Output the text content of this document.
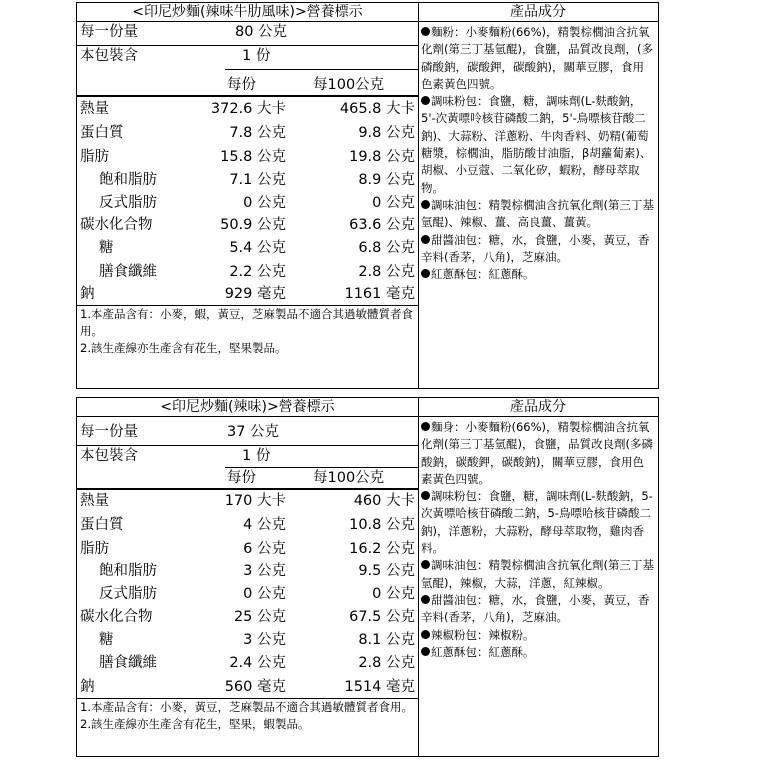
<印尼炒麵(辣味牛肋風味)>營養標示
每一份量	80 公克
本包裝含	1 份
每份	每100公克
熱量	372.6 大卡	465.8 大卡
蛋白質	7.8 公克	9.8 公克
脂肪	15.8 公克	19.8 公克
飽和脂肪	7.1 公克	8.9 公克
反式脂肪	0 公克	0 公克
碳水化合物	50.9 公克	63.6 公克
糖	5.4 公克	6.8 公克
膳食纖維	2.2 公克	2.8 公克
鈉	929 毫克	1161 毫克
1.本產品含有：小麥，蝦，黃豆，芝麻製品不適合其過敏體質者食用。
2.該生產線亦生產含有花生，堅果製品。
產品成分

麵粉：小麥麵粉(66%)，精製棕櫚油含抗氧化劑(第三丁基氫醌)，食鹽，品質改良劑，(多磷酸鈉，碳酸鉀，碳酸鈉)，關華豆膠，食用色素黃色四號。

調味粉包：食鹽，糖，調味劑(L-麩酸鈉，5'-次黃嘌呤核苷磷酸二鈉，5'-鳥嘌核苷酸二鈉)、大蒜粉、洋蔥粉、牛肉香料、奶精(葡萄糖漿，棕櫚油，脂肪酸甘油脂，β胡蘿蔔素)、胡椒、小豆蔻、二氧化矽，蝦粉，酵母萃取物。

調味油包：精製棕櫚油含抗氧化劑(第三丁基氫醌)、辣椒、薑、高良薑、薑黃。

甜醬油包：糖，水，食鹽，小麥，黃豆，香辛料(香茅，八角)，芝麻油。

紅蔥酥包：紅蔥酥。

<印尼炒麵(辣味)>營養標示
每一份量	37 公克
本包裝含	1 份
每份	每100公克
熱量	170 大卡	460 大卡
蛋白質	4 公克	10.8 公克
脂肪	6 公克	16.2 公克
飽和脂肪	3 公克	9.5 公克
反式脂肪	0 公克	0 公克
碳水化合物	25 公克	67.5 公克
糖	3 公克	8.1 公克
膳食纖維	2.4 公克	2.8 公克
鈉	560 毫克	1514 毫克
1.本產品含有：小麥，黃豆，芝麻製品不適合其過敏體質者食用。
2.該生產線亦生產含有花生，堅果，蝦製品。
產品成分

麵身：小麥麵粉(66%)，精製棕櫚油含抗氧化劑(第三丁基氫醌)，食鹽，品質改良劑(多磷酸鈉，碳酸鉀，碳酸鈉)，關華豆膠，食用色素黃色四號。

調味粉包：食鹽，糖，調味劑(L-麩酸鈉，5-次黃嘌哈核苷磷酸二鈉，5-鳥嘌哈核苷磷酸二鈉)，洋蔥粉，大蒜粉，酵母萃取物，雞肉香料。

調味油包：精製棕櫚油含抗氧化劑(第三丁基氫醌)，辣椒，大蒜，洋蔥，紅辣椒。

甜醬油包：糖，水，食鹽，小麥，黃豆，香辛料(香茅，八角)，芝麻油。

辣椒粉包：辣椒粉。

紅蔥酥包：紅蔥酥。
